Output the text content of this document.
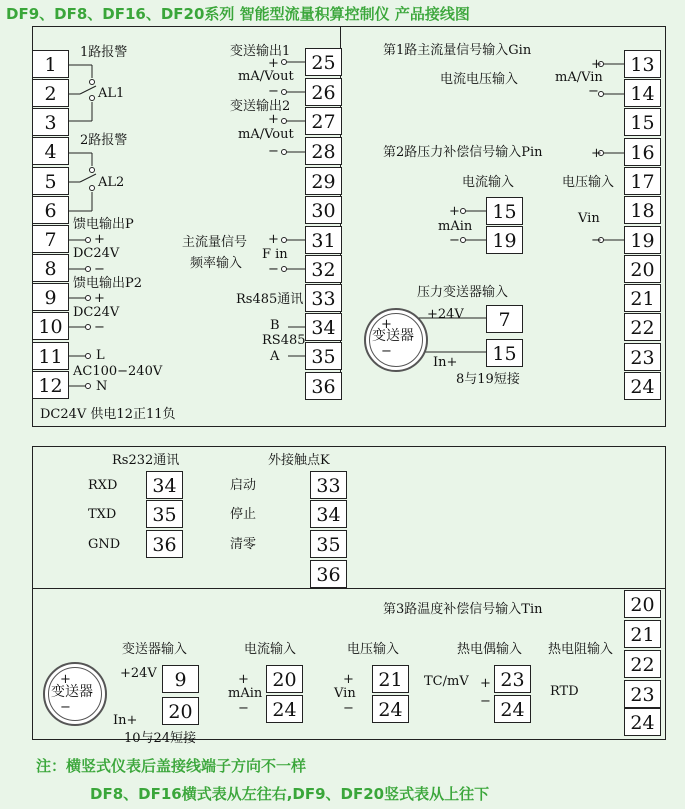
DF9、DF8、DF16、DF20系列 智能型流量积算控制仪 产品接线图
1
2
3
4
5
6
7
8
9
10
11
12
1路报警
AL1
2路报警
AL2
馈电输出P
+
DC24V
−
馈电输出P2
+
DC24V
−
L
AC100−240V
N
DC24V 供电12正11负
25
26
27
28
29
30
31
32
33
34
35
36
变送输出1
+
mA/Vout
−
变送输出2
+
mA/Vout
−
主流量信号 +
F in
频率输入 −
Rs485通讯
B
RS485
A
13
14
15
16
17
18
19
20
21
22
23
24
第1路主流量信号输入Gin
+
mA/Vin
电流电压输入
−
第2路压力补偿信号输入Pin	+
电流输入	电压输入
Vin
−
+
mAin
−
15
19
压力变送器输入
+24V
In+
7
15
8与19短接
+
变送器
−
Rs232通讯
RXD
TXD
GND
34
35
36
外接触点K
启动
停止
清零
33
34
35
36
第3路温度补偿信号输入Tin	20
21
22
23
24
变送器输入
+24V
In+
9
20
10与24短接
+
变送器
−
电流输入
+
mAin
−
20
24
电压输入
+
Vin
−
21
24
热电偶输入
TC/mV +
−
23
24
热电阻输入
RTD
注：横竖式仪表后盖接线端子方向不一样
DF8、DF16横式表从左往右,DF9、DF20竖式表从上往下
